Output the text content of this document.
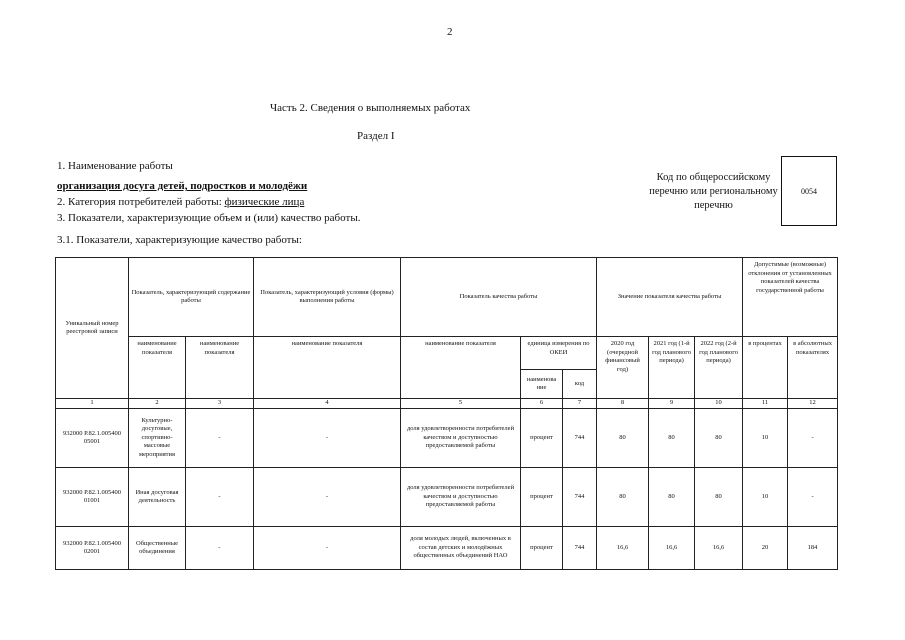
2
Часть 2. Сведения о выполняемых работах
Раздел I
1. Наименование работы
организация досуга детей, подростков и молодёжи
2. Категория потребителей работы: физические лица
3. Показатели, характеризующие объем и (или) качество работы.
3.1. Показатели, характеризующие качество работы:
Код по общероссийскому перечню или региональному перечню
0054
Уникальный номер реестровой записи	Показатель, характеризующий содержание работы		Показатель, характеризующий условия (формы) выполнения работы	Показатель качества работы			Значение показателя качества работы			Допустимые (возможные) отклонения от установленных показателей качества государственной работы	
	наименование показателя	наименование показателя	наименование показателя	наименование показателя	единица измерения по ОКЕИ		2020 год (очередной финансовый год)	2021 год (1-й год планового периода)	2022 год (2-й год планового периода)	в процентах	в абсолютных показателях
					наименова ние	код					
1	2	3	4	5	6	7	8	9	10	11	12
932000 Р.82.1.005400 05001	Культурно-досуговые, спортивно-массовые мероприятия	-	-	доля удовлетворенности потребителей качеством и доступностью предоставляемой работы	процент	744	80	80	80	10	-
932000 Р.82.1.005400 01001	Иная досуговая деятельность	-	-	доля удовлетворенности потребителей качеством и доступностью предоставляемой работы	процент	744	80	80	80	10	-
932000 Р.82.1.005400 02001	Общественные объединения	-	-	доля молодых людей, включенных в состав детских и молодёжных общественных объединений НАО	процент	744	16,6	16,6	16,6	20	184
